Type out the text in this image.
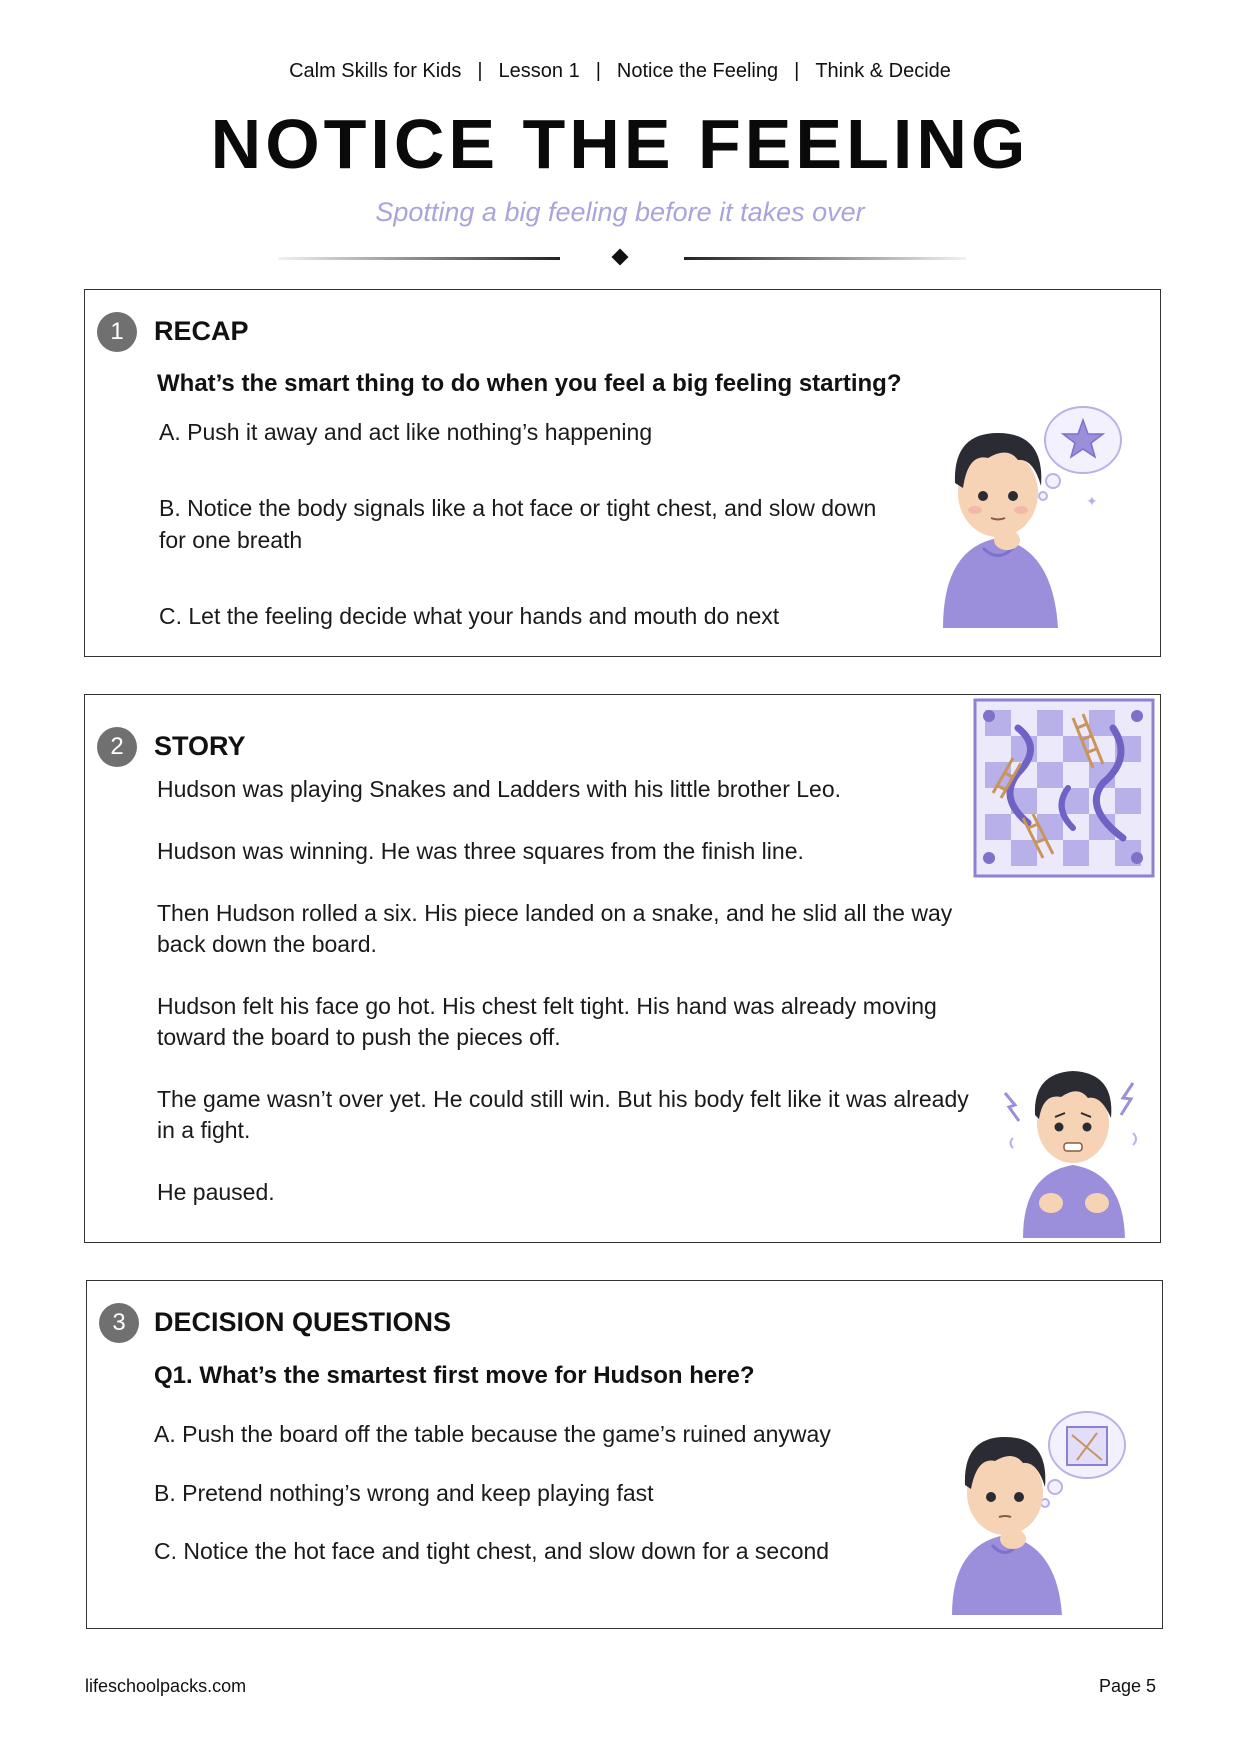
Calm Skills for Kids | Lesson 1 | Notice the Feeling | Think & Decide
NOTICE THE FEELING
Spotting a big feeling before it takes over
1	RECAP
What’s the smart thing to do when you feel a big feeling starting?
A. Push it away and act like nothing’s happening
B. Notice the body signals like a hot face or tight chest, and slow down for one breath
C. Let the feeling decide what your hands and mouth do next
✦
2	STORY

Hudson was playing Snakes and Ladders with his little brother Leo.

Hudson was winning. He was three squares from the finish line.

Then Hudson rolled a six. His piece landed on a snake, and he slid all the way back down the board.

Hudson felt his face go hot. His chest felt tight. His hand was already moving toward the board to push the pieces off.

The game wasn’t over yet. He could still win. But his body felt like it was already in a fight.

He paused.

3	DECISION QUESTIONS
Q1. What’s the smartest first move for Hudson here?
A. Push the board off the table because the game’s ruined anyway
B. Pretend nothing’s wrong and keep playing fast
C. Notice the hot face and tight chest, and slow down for a second
lifeschoolpacks.com	Page 5
